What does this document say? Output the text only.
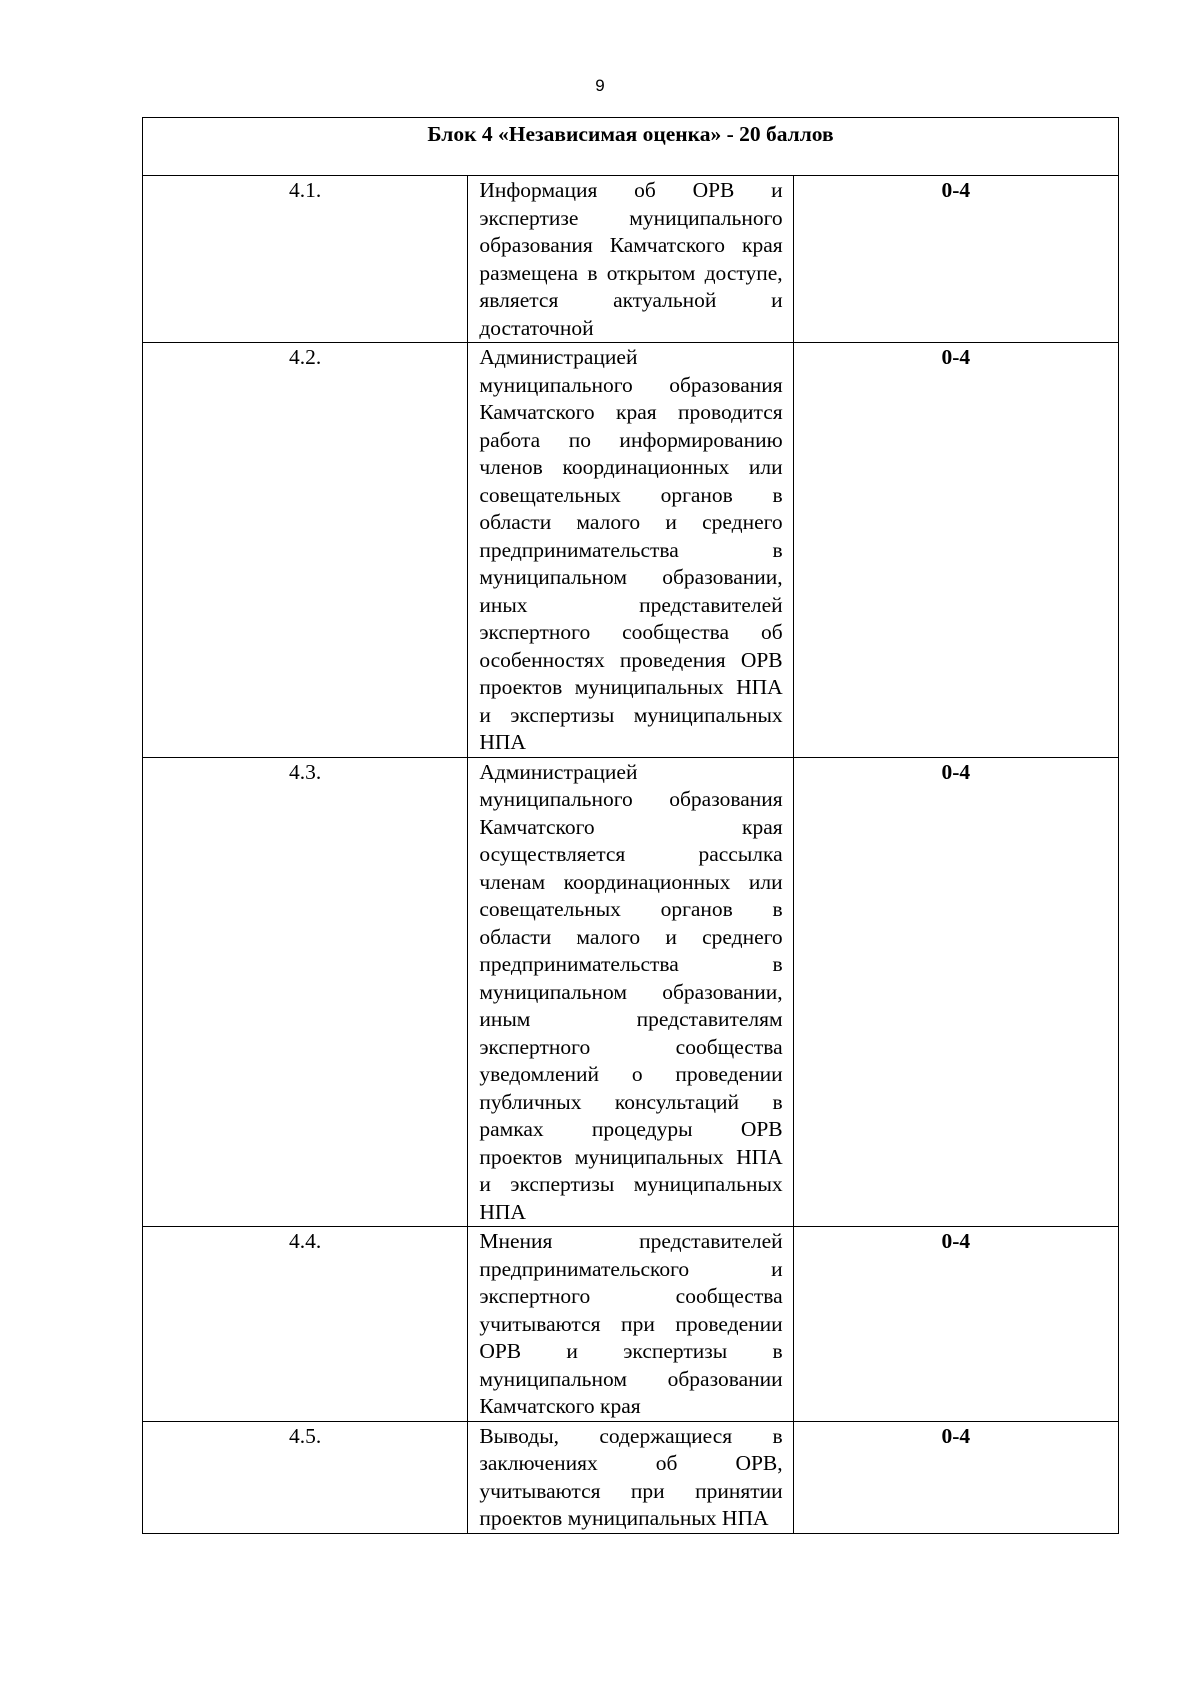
9
Блок 4 «Независимая оценка» - 20 баллов		
4.1.	Информация об ОРВ и экспертизе муниципального образования Камчатского края размещена в открытом доступе, является актуальной и достаточной	0-4
4.2.	Администрацией муниципального образования Камчатского края проводится работа по информированию членов координационных или совещательных органов в области малого и среднего предпринимательства в муниципальном образовании, иных представителей экспертного сообщества об особенностях проведения ОРВ проектов муниципальных НПА и экспертизы муниципальных НПА	0-4
4.3.	Администрацией муниципального образования Камчатского края осуществляется рассылка членам координационных или совещательных органов в области малого и среднего предпринимательства в муниципальном образовании, иным представителям экспертного сообщества уведомлений о проведении публичных консультаций в рамках процедуры ОРВ проектов муниципальных НПА и экспертизы муниципальных НПА	0-4
4.4.	Мнения представителей предпринимательского и экспертного сообщества учитываются при проведении ОРВ и экспертизы в муниципальном образовании Камчатского края	0-4
4.5.	Выводы, содержащиеся в заключениях об ОРВ, учитываются при принятии проектов муниципальных НПА	0-4
